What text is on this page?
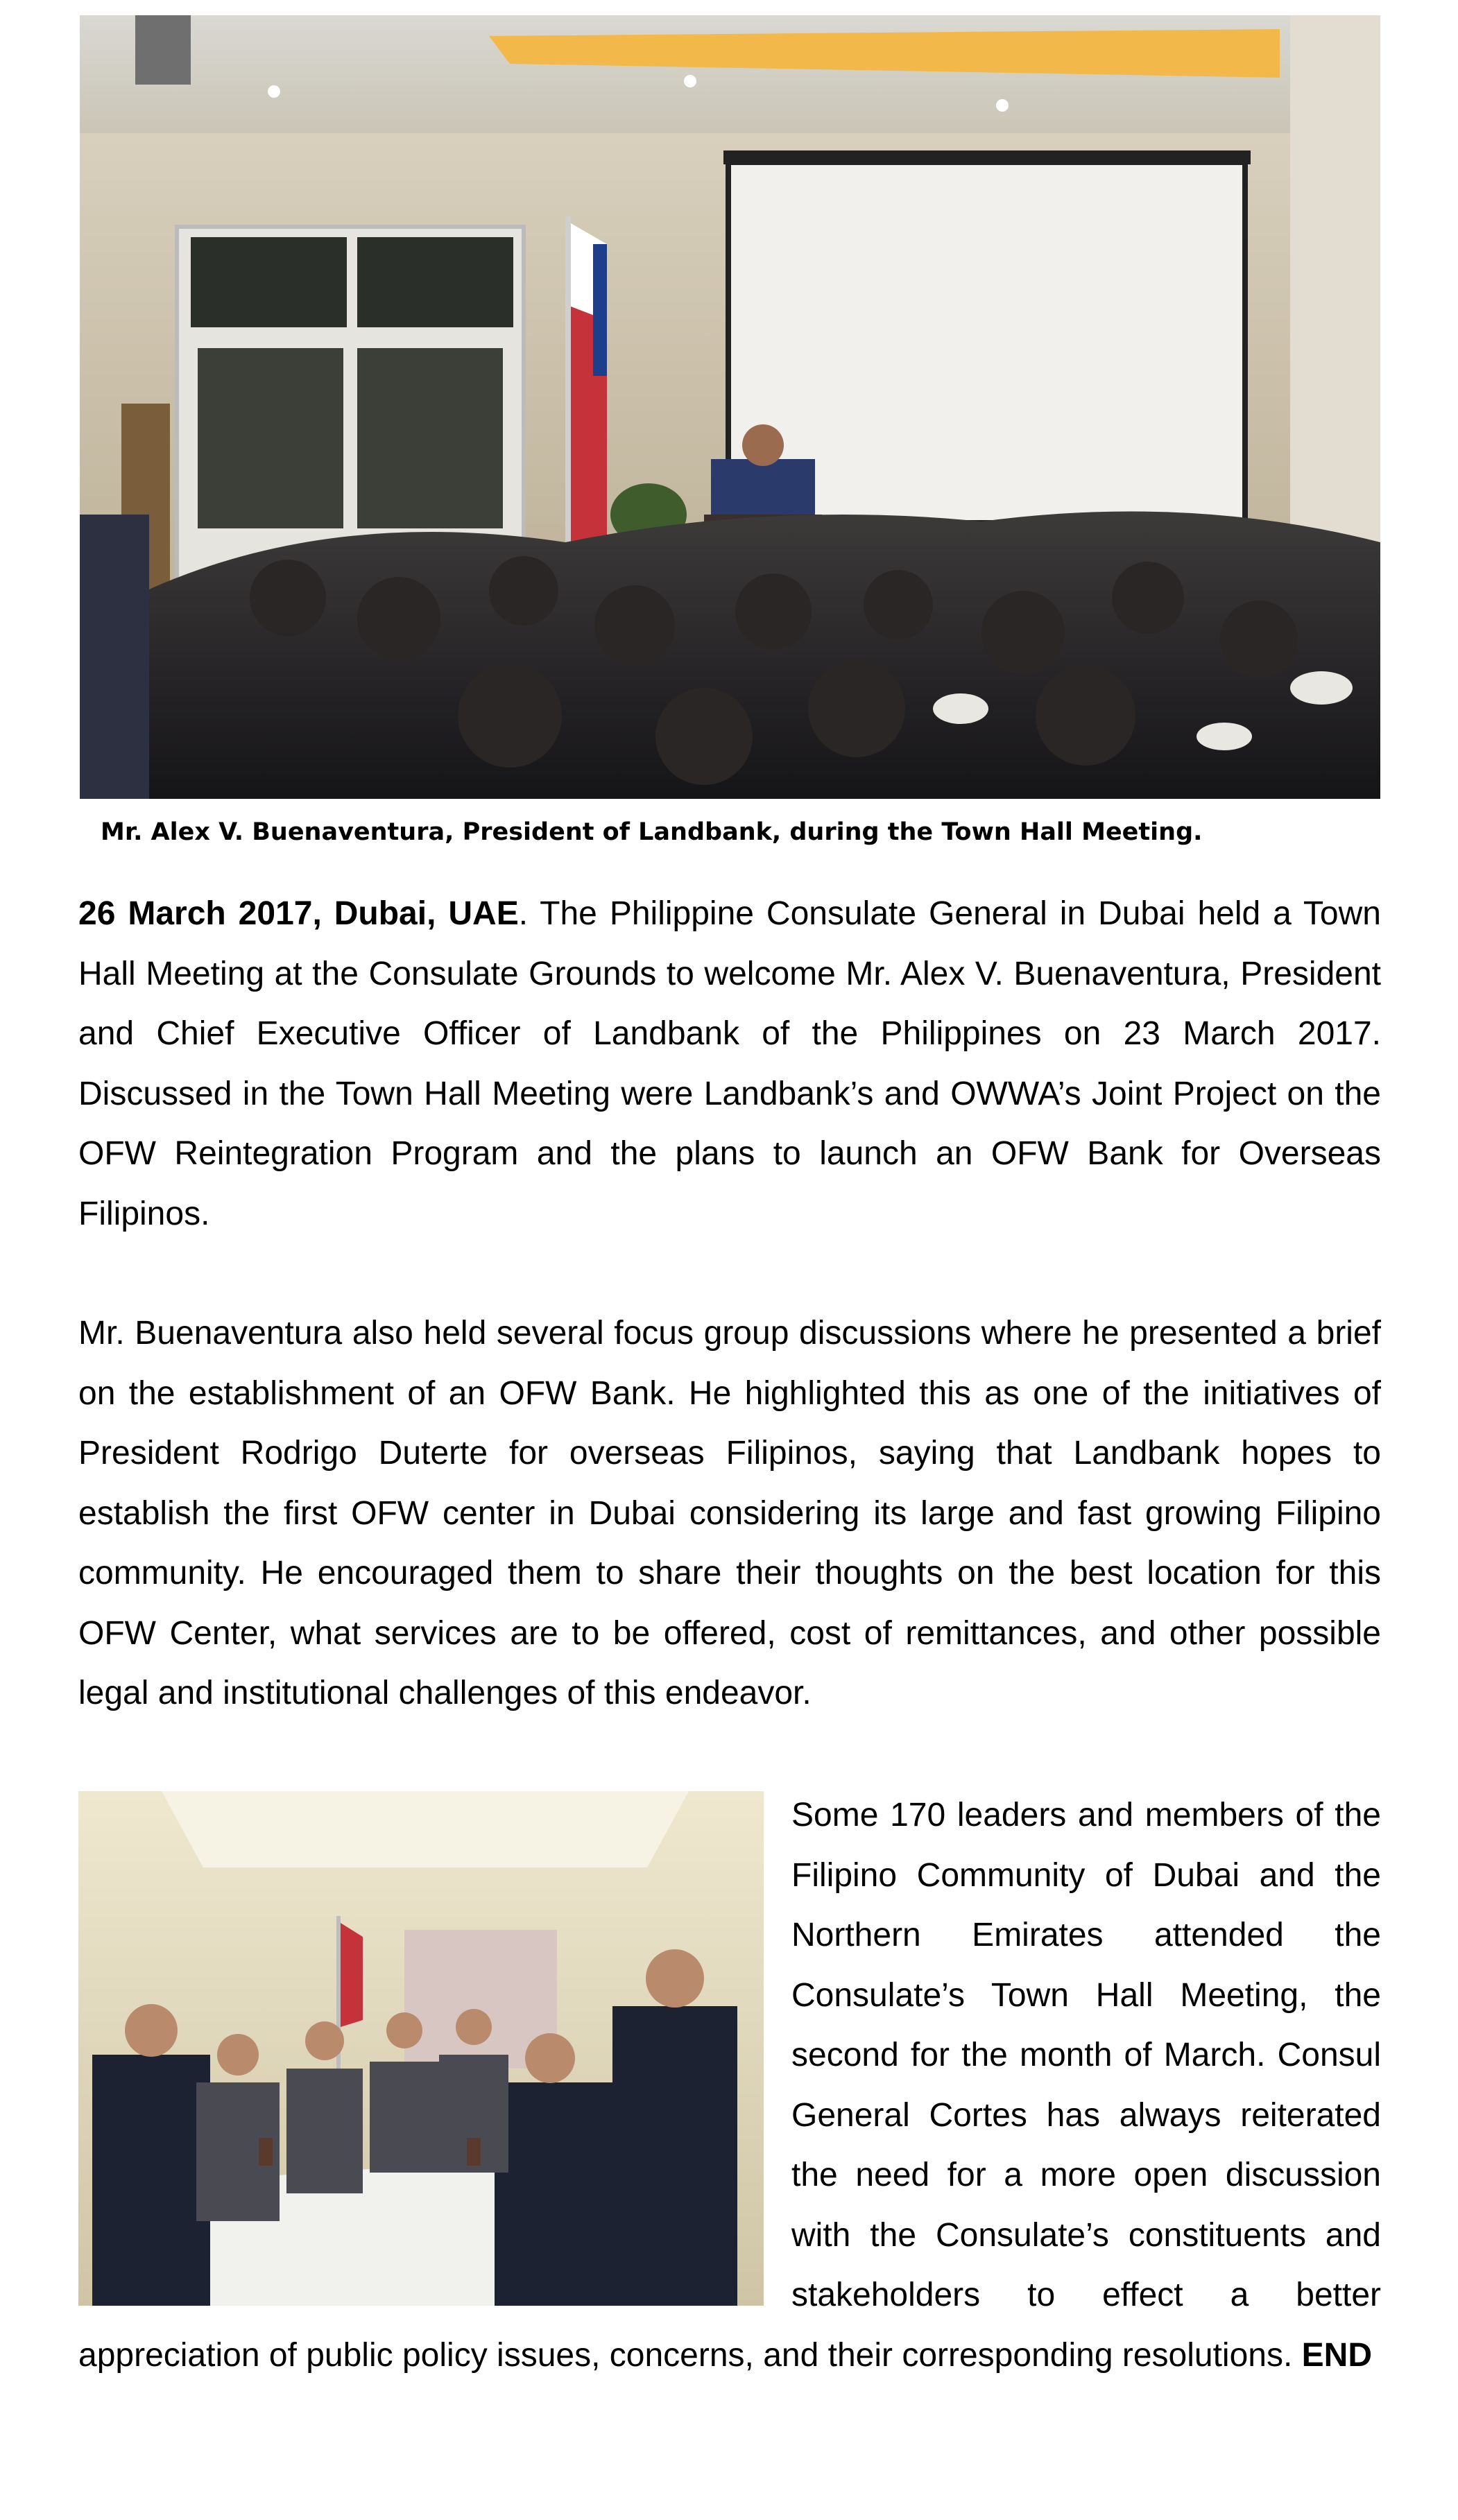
Mr. Alex V. Buenaventura, President of Landbank, during the Town Hall Meeting.

26 March 2017, Dubai, UAE. The Philippine Consulate General in Dubai held a Town Hall Meeting at the Consulate Grounds to welcome Mr. Alex V. Buenaventura, President and Chief Executive Officer of Landbank of the Philippines on 23 March 2017. Discussed in the Town Hall Meeting were Landbank’s and OWWA’s Joint Project on the OFW Reintegration Program and the plans to launch an OFW Bank for Overseas Filipinos.

Mr. Buenaventura also held several focus group discussions where he presented a brief on the establishment of an OFW Bank. He highlighted this as one of the initiatives of President Rodrigo Duterte for overseas Filipinos, saying that Landbank hopes to establish the first OFW center in Dubai considering its large and fast growing Filipino community. He encouraged them to share their thoughts on the best location for this OFW Center, what services are to be offered, cost of remittances, and other possible legal and institutional challenges of this endeavor.

Some 170 leaders and members of the Filipino Community of Dubai and the Northern Emirates attended the Consulate’s Town Hall Meeting, the second for the month of March. Consul General Cortes has always reiterated the need for a more open discussion with the Consulate’s constituents and stakeholders to effect a better appreciation of public policy issues, concerns, and their corresponding resolutions. END
